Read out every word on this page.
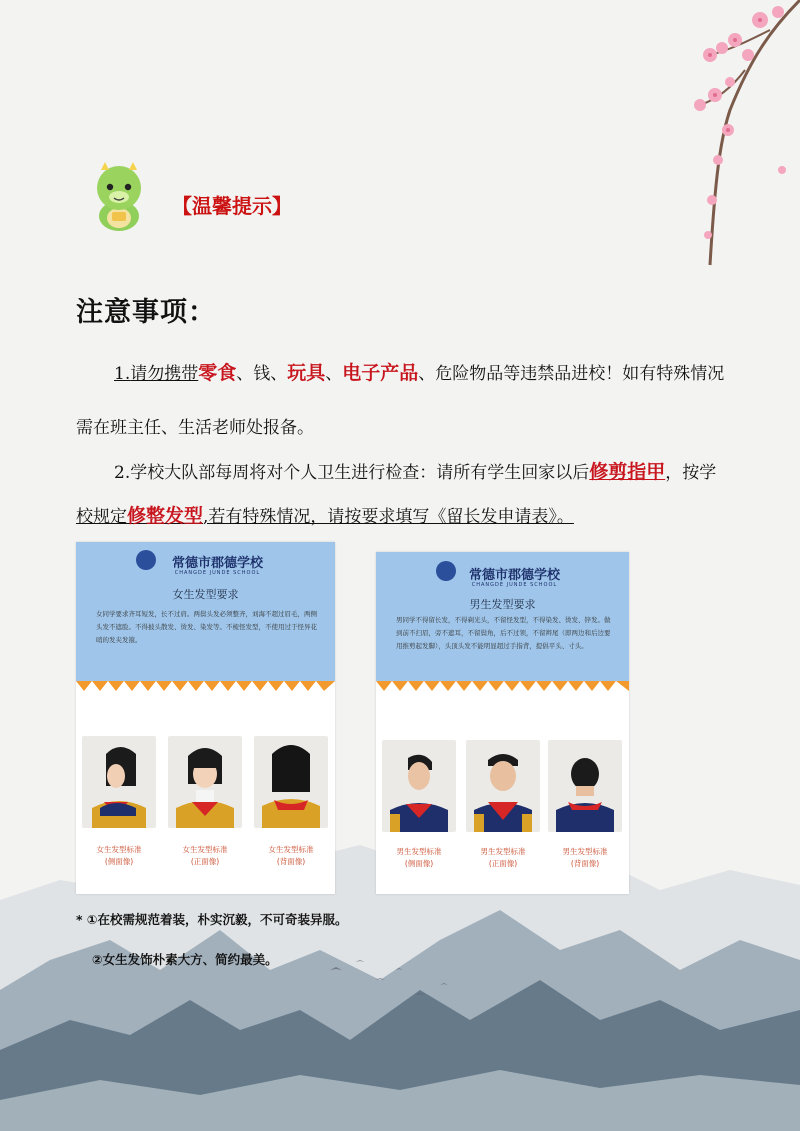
【温馨提示】
注意事项：
1.请勿携带零食、钱、玩具、电子产品、危险物品等违禁品进校！如有特殊情况
需在班主任、生活老师处报备。
2.学校大队部每周将对个人卫生进行检查：请所有学生回家以后修剪指甲，按学
校规定修整发型,若有特殊情况，请按要求填写《留长发申请表》。
常德市郡德学校
CHANGDE JUNDE SCHOOL
女生发型要求
女同学要求齐耳短发，长不过肩。两鬓头发必须整齐，刘海不超过眉毛，两侧头发不遮脸。不得披头散发、烫发、染发等。不梳怪发型，不使用过于怪异花哨的发夹发箍。
女生发型标准
(侧面像)
女生发型标准
(正面像)
女生发型标准
(背面像)
常德市郡德学校
CHANGDE JUNDE SCHOOL
男生发型要求
男同学不得留长发，不得剃光头，不留怪发型，不得染发、烫发、锌发。做到前不扫眉，旁不遮耳，不留鬓角，后不过领，不留辫尾（即两边和后边要用推剪起发脚），头顶头发不能明显超过手指背，提倡平头、寸头。
男生发型标准
(侧面像)
男生发型标准
(正面像)
男生发型标准
(背面像)
* ①在校需规范着装，朴实沉毅，不可奇装异服。
②女生发饰朴素大方、简约最美。
